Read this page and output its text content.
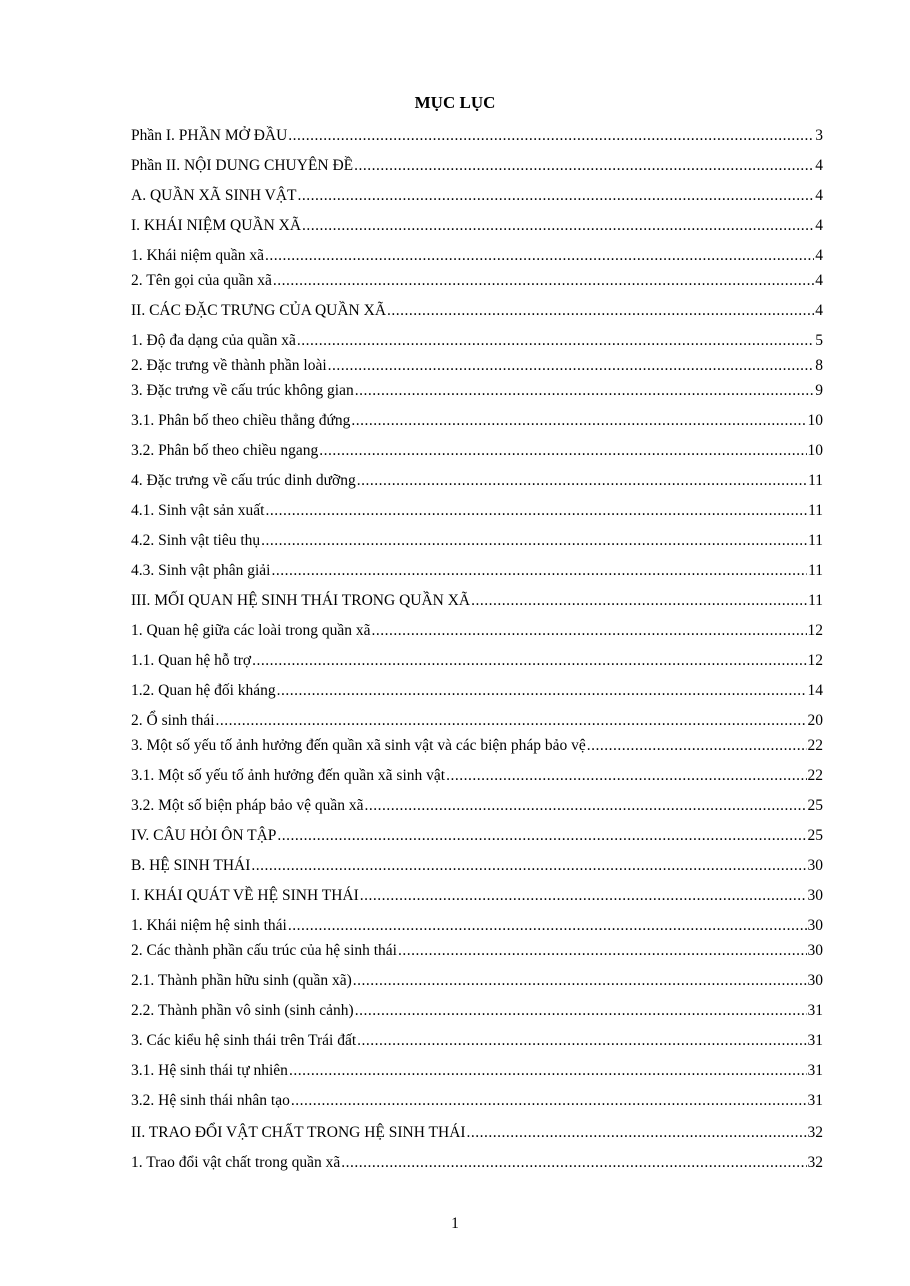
MỤC LỤC
Phần I. PHẦN MỞ ĐẦU .....	3
Phần II. NỘI DUNG CHUYÊN ĐỀ .....	4
A. QUẦN XÃ SINH VẬT .....	4
I. KHÁI NIỆM QUẦN XÃ .....	4
1. Khái niệm quần xã .....	4
2. Tên gọi của quần xã .....	4
II. CÁC ĐẶC TRƯNG CỦA QUẦN XÃ .....	4
1. Độ đa dạng của quần xã .....	5
2. Đặc trưng về thành phần loài .....	8
3. Đặc trưng về cấu trúc không gian .....	9
3.1. Phân bố theo chiều thẳng đứng .....	10
3.2. Phân bố theo chiều ngang .....	10
4. Đặc trưng về cấu trúc dinh dưỡng .....	11
4.1. Sinh vật sản xuất .....	11
4.2. Sinh vật tiêu thụ .....	11
4.3. Sinh vật phân giải .....	11
III. MỐI QUAN HỆ SINH THÁI TRONG QUẦN XÃ .....	11
1. Quan hệ giữa các loài trong quần xã .....	12
1.1. Quan hệ hỗ trợ .....	12
1.2. Quan hệ đối kháng .....	14
2. Ổ sinh thái .....	20
3. Một số yếu tố ảnh hưởng đến quần xã sinh vật và các biện pháp bảo vệ .....	22
3.1. Một số yếu tố ảnh hưởng đến quần xã sinh vật .....	22
3.2. Một số biện pháp bảo vệ quần xã .....	25
IV. CÂU HỎI ÔN TẬP .....	25
B. HỆ SINH THÁI .....	30
I. KHÁI QUÁT VỀ HỆ SINH THÁI .....	30
1. Khái niệm hệ sinh thái .....	30
2. Các thành phần cấu trúc của hệ sinh thái .....	30
2.1. Thành phần hữu sinh (quần xã) .....	30
2.2. Thành phần vô sinh (sinh cảnh) .....	31
3. Các kiểu hệ sinh thái trên Trái đất .....	31
3.1. Hệ sinh thái tự nhiên .....	31
3.2. Hệ sinh thái nhân tạo .....	31
II. TRAO ĐỔI VẬT CHẤT TRONG HỆ SINH THÁI .....	32
1. Trao đổi vật chất trong quần xã .....	32
1
